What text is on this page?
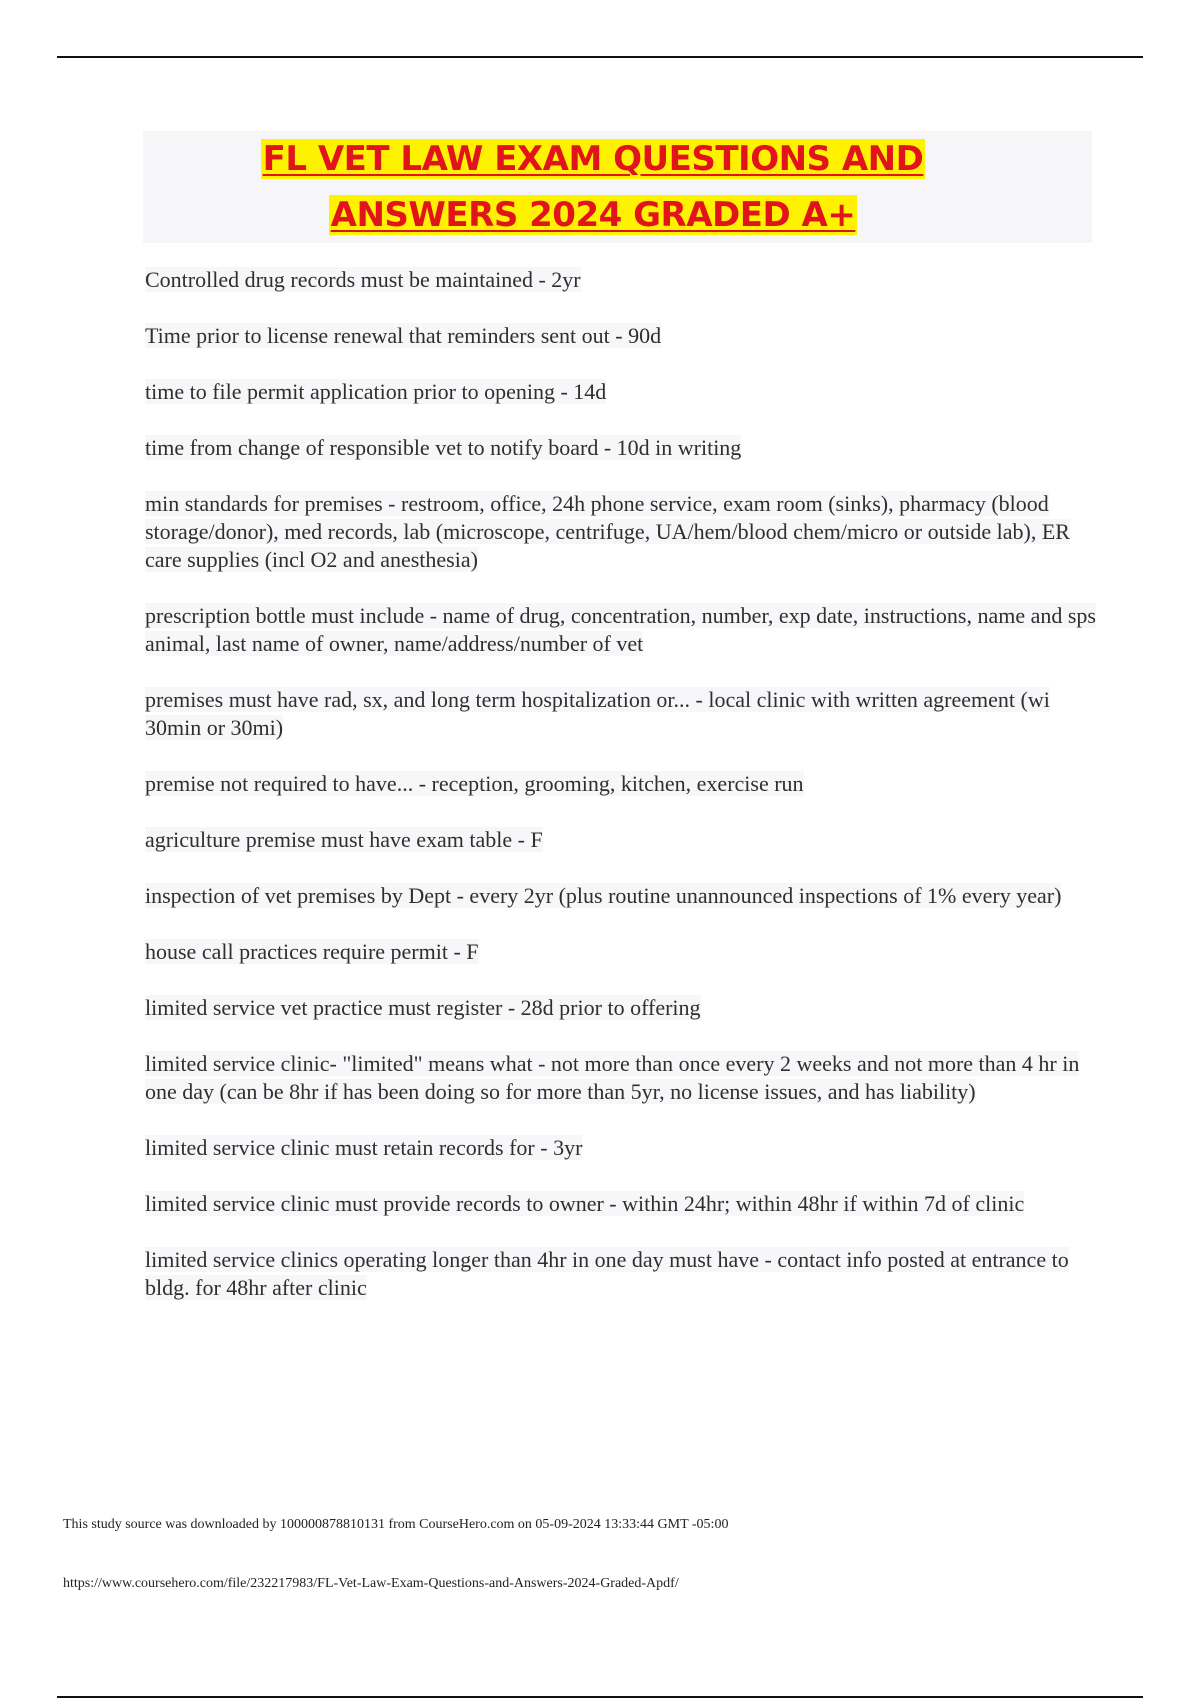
FL VET LAW EXAM QUESTIONS AND
ANSWERS 2024 GRADED A+
Controlled drug records must be maintained - 2yr
Time prior to license renewal that reminders sent out - 90d
time to file permit application prior to opening - 14d
time from change of responsible vet to notify board - 10d in writing
min standards for premises - restroom, office, 24h phone service, exam room (sinks), pharmacy (blood storage/donor), med records, lab (microscope, centrifuge, UA/hem/blood chem/micro or outside lab), ER care supplies (incl O2 and anesthesia)
prescription bottle must include - name of drug, concentration, number, exp date, instructions, name and sps animal, last name of owner, name/address/number of vet
premises must have rad, sx, and long term hospitalization or... - local clinic with written agreement (wi 30min or 30mi)
premise not required to have... - reception, grooming, kitchen, exercise run
agriculture premise must have exam table - F
inspection of vet premises by Dept - every 2yr (plus routine unannounced inspections of 1% every year)
house call practices require permit - F
limited service vet practice must register - 28d prior to offering
limited service clinic- "limited" means what - not more than once every 2 weeks and not more than 4 hr in one day (can be 8hr if has been doing so for more than 5yr, no license issues, and has liability)
limited service clinic must retain records for - 3yr
limited service clinic must provide records to owner - within 24hr; within 48hr if within 7d of clinic
limited service clinics operating longer than 4hr in one day must have - contact info posted at entrance to bldg. for 48hr after clinic
This study source was downloaded by 100000878810131 from CourseHero.com on 05-09-2024 13:33:44 GMT -05:00
https://www.coursehero.com/file/232217983/FL-Vet-Law-Exam-Questions-and-Answers-2024-Graded-Apdf/
